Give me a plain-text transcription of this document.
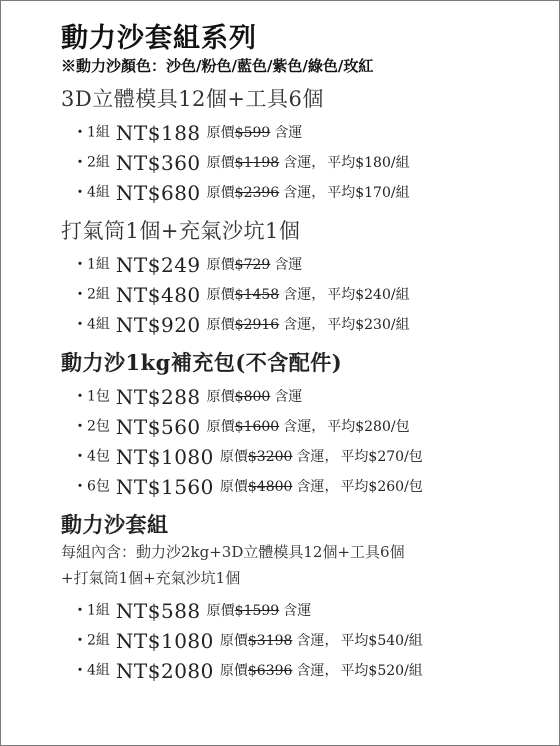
動力沙套組系列
※動力沙顏色：沙色/粉色/藍色/紫色/綠色/玫紅
3D立體模具12個+工具6個
・1組 NT$188 原價$599 含運
・2組 NT$360 原價$1198 含運， 平均$180/組
・4組 NT$680 原價$2396 含運， 平均$170/組
打氣筒1個+充氣沙坑1個
・1組 NT$249 原價$729 含運
・2組 NT$480 原價$1458 含運， 平均$240/組
・4組 NT$920 原價$2916 含運， 平均$230/組
動力沙1kg補充包(不含配件)
・1包 NT$288 原價$800 含運
・2包 NT$560 原價$1600 含運， 平均$280/包
・4包 NT$1080 原價$3200 含運， 平均$270/包
・6包 NT$1560 原價$4800 含運， 平均$260/包
動力沙套組
每組內含：動力沙2kg+3D立體模具12個+工具6個
+打氣筒1個+充氣沙坑1個
・1組 NT$588 原價$1599 含運
・2組 NT$1080 原價$3198 含運， 平均$540/組
・4組 NT$2080 原價$6396 含運， 平均$520/組
